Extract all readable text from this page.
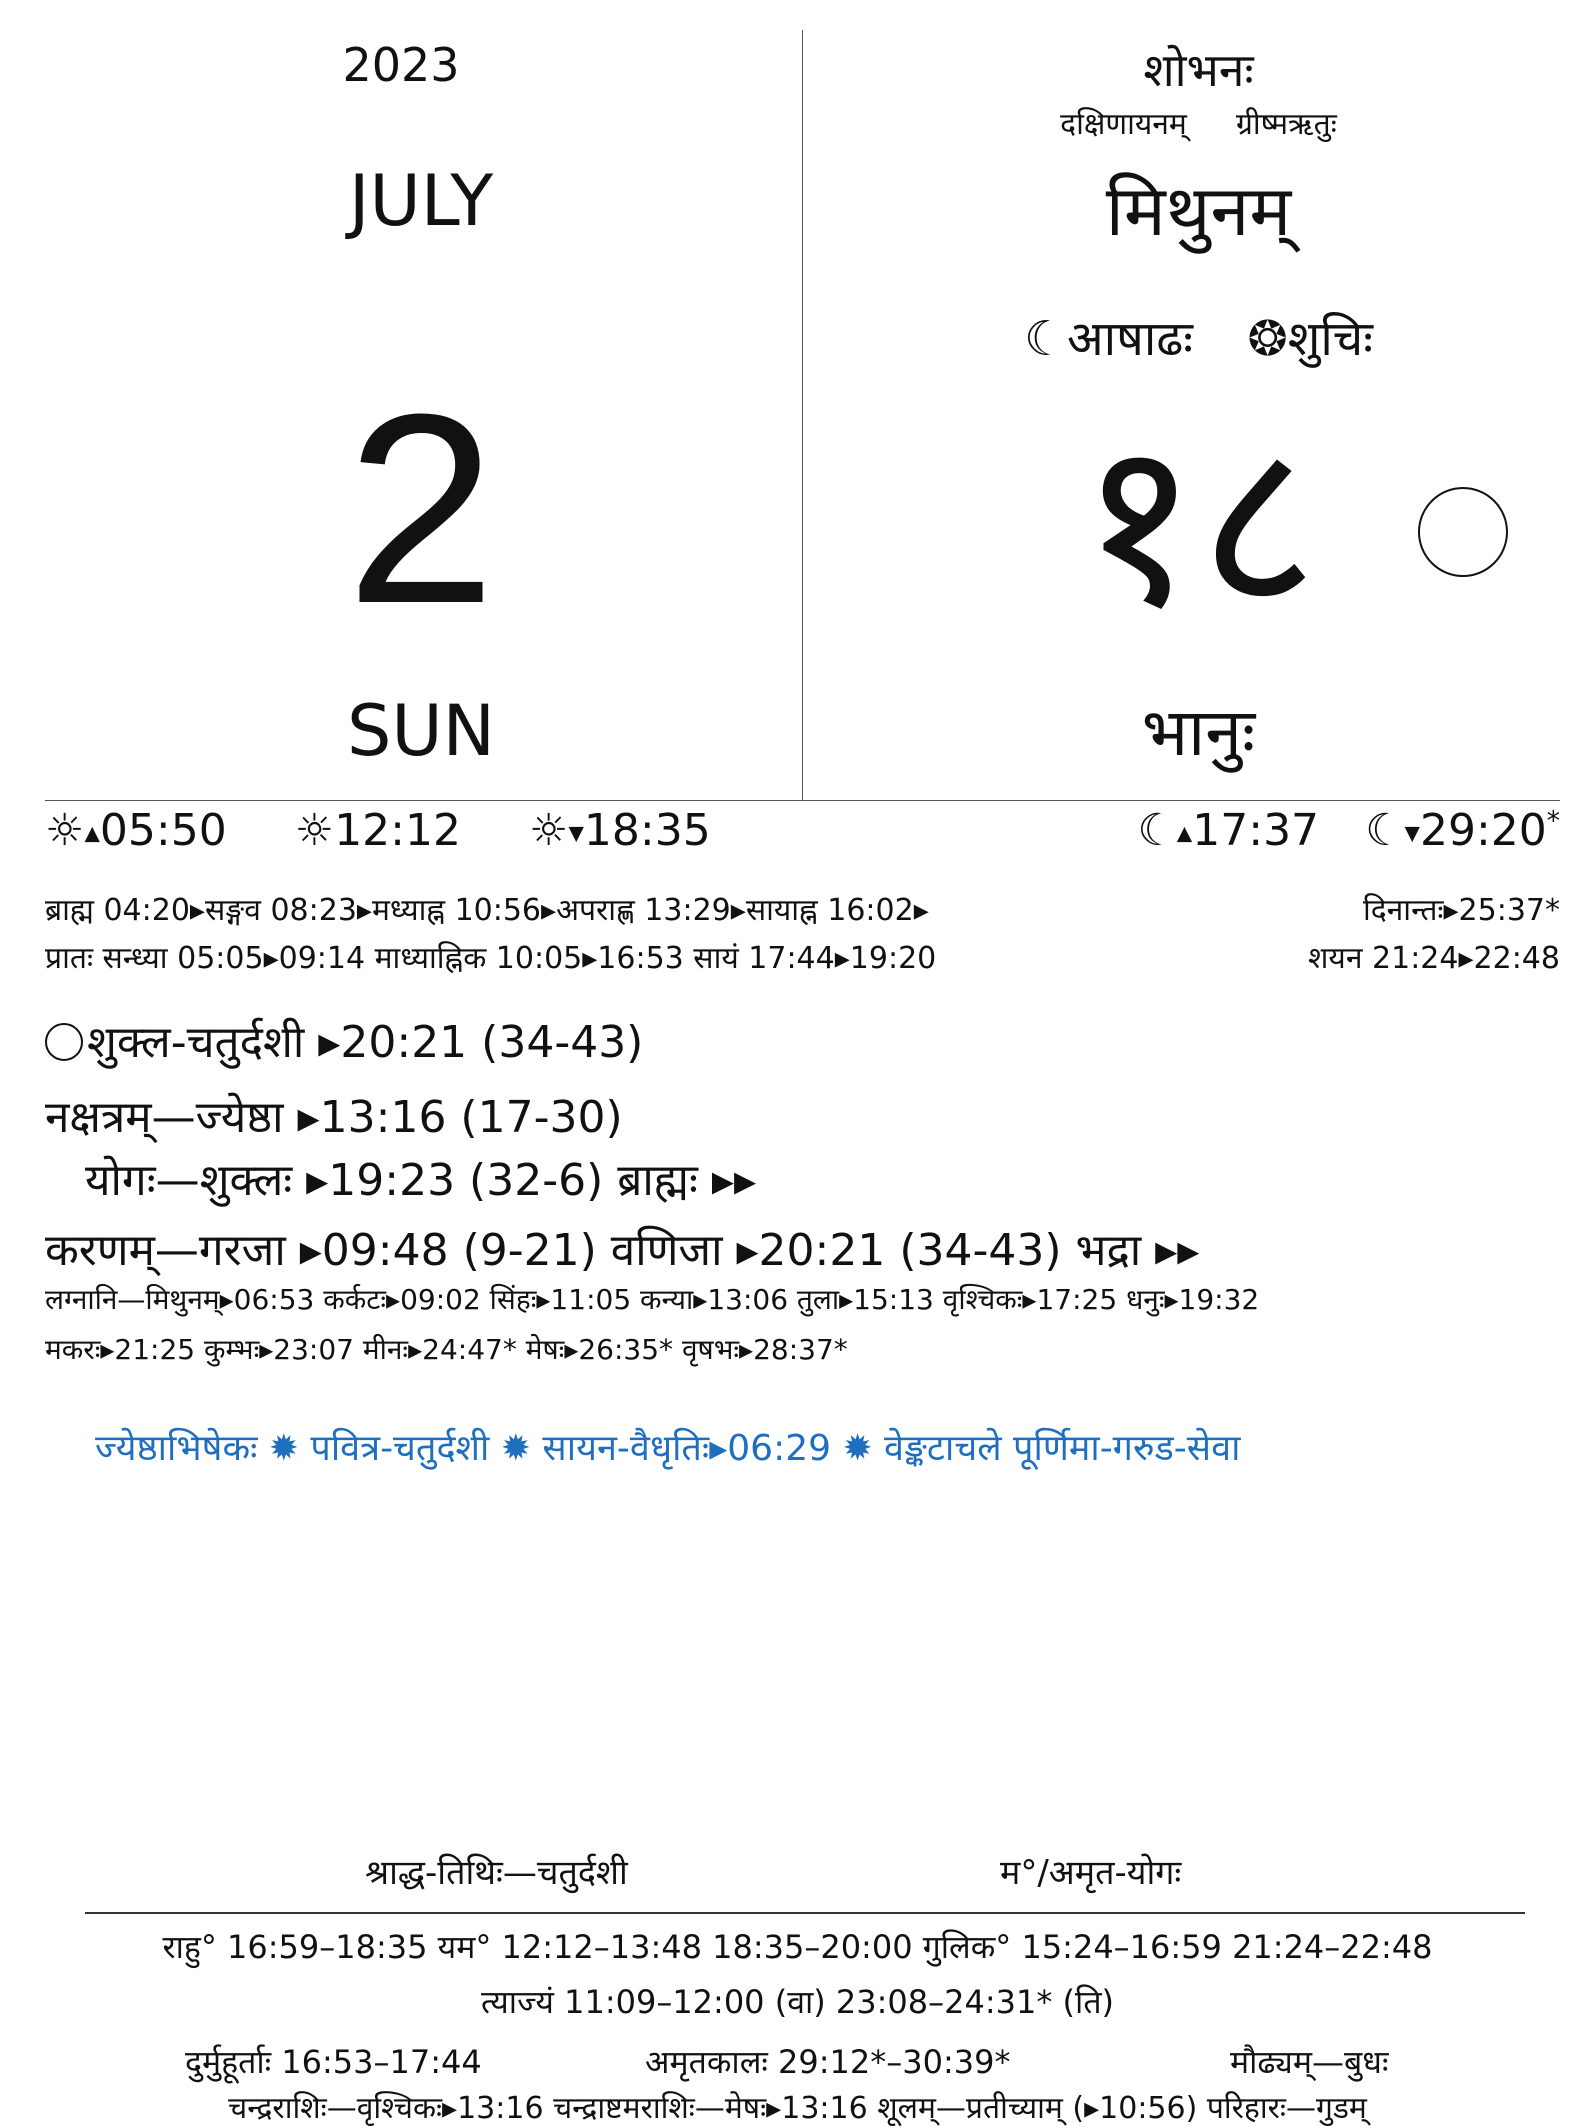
2023
JULY
2
SUN
शोभनः
दक्षिणायनम् ग्रीष्मऋतुः
मिथुनम्
☾आषाढः ❂शुचिः
१८
भानुः
☼▴05:50 ☼12:12 ☼▾18:35	☾▴17:37 ☾▾29:20*
ब्राह्म 04:20▸सङ्गव 08:23▸मध्याह्न 10:56▸अपराह्ण 13:29▸सायाह्न 16:02▸	दिनान्तः▸25:37*
प्रातः सन्ध्या 05:05▸09:14 माध्याह्निक 10:05▸16:53 सायं 17:44▸19:20	शयन 21:24▸22:48
शुक्ल-चतुर्दशी ▸20:21 (34-43)
नक्षत्रम्—ज्येष्ठा ▸13:16 (17-30)
योगः—शुक्लः ▸19:23 (32-6) ब्राह्मः ▸▸
करणम्—गरजा ▸09:48 (9-21) वणिजा ▸20:21 (34-43) भद्रा ▸▸
लग्नानि—मिथुनम्▸06:53 कर्कटः▸09:02 सिंहः▸11:05 कन्या▸13:06 तुला▸15:13 वृश्चिकः▸17:25 धनुः▸19:32
मकरः▸21:25 कुम्भः▸23:07 मीनः▸24:47* मेषः▸26:35* वृषभः▸28:37*
ज्येष्ठाभिषेकः ✹ पवित्र-चतुर्दशी ✹ सायन-वैधृतिः▸06:29 ✹ वेङ्कटाचले पूर्णिमा-गरुड-सेवा
श्राद्ध-तिथिः—चतुर्दशी	म°/अमृत-योगः
राहु° 16:59–18:35 यम° 12:12–13:48 18:35–20:00 गुलिक° 15:24–16:59 21:24–22:48
त्याज्यं 11:09–12:00 (वा) 23:08–24:31* (ति)
दुर्मुहूर्ताः 16:53–17:44	अमृतकालः 29:12*–30:39*	मौढ्यम्—बुधः
चन्द्रराशिः—वृश्चिकः▸13:16 चन्द्राष्टमराशिः—मेषः▸13:16 शूलम्—प्रतीच्याम् (▸10:56) परिहारः—गुडम्
